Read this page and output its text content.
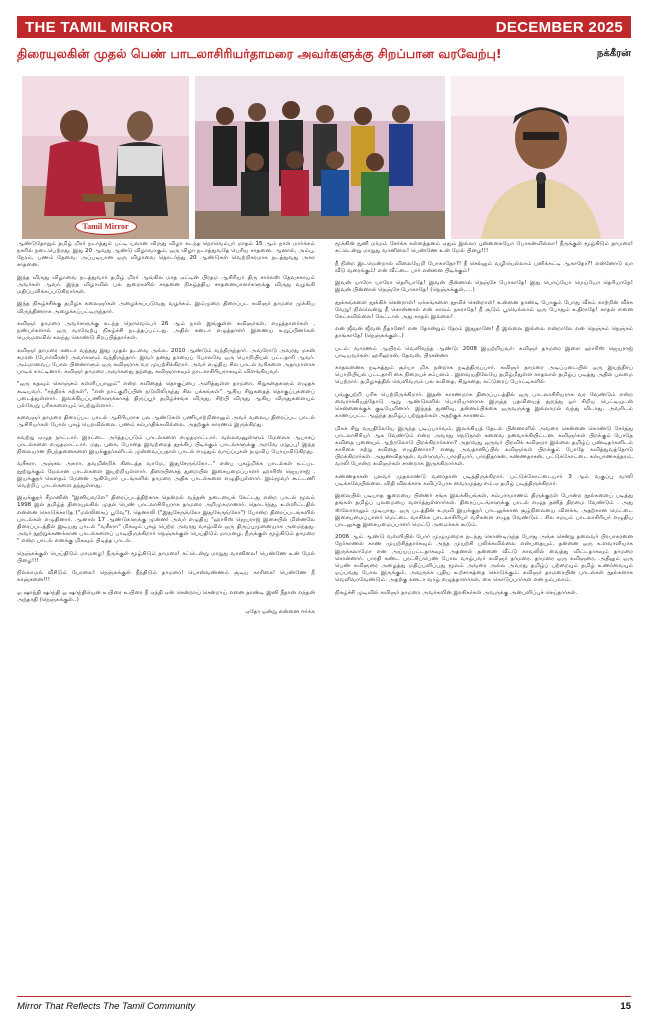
THE TAMIL MIRROR	DECEMBER 2025
திரையுலகின் முதல் பெண் பாடலாசிரியர்தாமரை அவர்களுக்கு சிறப்பான வரவேற்பு!	நக்கீரன்
Tamil Mirror

ஆண்டுதோறும் தமிழ் மிரர் நடாத்தும் பட்டி யலான விருது விழா கடந்த நொவெம்பர் மாதம் 15 ஆம் நாள் மார்க்கம் நகரில் நடைபெற்றது. இது 20 ஆவது ஆண்டு விழாவாகும். ஒரு விழா நடாத்துவதே பெரிய சாதனை. ஆனால், அம்பு, நேரம், பணம் தேவை. அப்படியான ஒரு விழாவை தொடர்ந்து 20 ஆண்டுகள் வெற்றிகரமாக நடத்துவது அசுர சாதனை.

இந்த விருது விழாவை நடத்துவார் தமிழ் மிரர் ஆங்கில மாத ஏட்டின் பிரதம ஆசிரியர் திரு சார்லஸ் தேவசகாயம் அவர்கள் ஆவர். இந்த விழாவில் பல துறைகளில் சாதனை நிகழ்த்திய சாதனையாளர்களுக்கு விருது வழங்கி மதிப்பளிக்கப்படுகிறார்கள்.

இந்த நிகழ்ச்சிக்கு தமிழக கலைஞர்கள் அழைக்கப்படுவது வழக்கம். இம்முறை திரைப்பட கவிஞர் தாமரை முக்கிய விருந்தினராக அழைக்கப்பட்டிருந்தார்.

கவிஞர் தாமரை அவர்களுக்கு கடந்த நொவெம்பர் 26 ஆம் நாள் இங்குள்ள கவிஞர்கள், எழுத்தாளர்கள் , நண்பர்களால் ஒரு வரவேற்பு நிகழ்ச்சி நடத்தப்பட்டது. அதில் கனடா எழுத்தாளர் இணைய உறுப்பினர்கள் பெருமளவில் கலந்து கொண்டு சிறப்பித்தார்கள்.

கவிஞர் தாமரை கனடா வந்தது இது முதல் தடவை அல்ல. 2010 ஆண்டும் வந்திருந்தார். அவரோடு அவரது மகன் சமரன் (போர்வீரன்) அவர்களும் வந்திருந்தார். இவர் தனது தாயைப் போலவே ஒரு பொறியியல் பட்டதாரி ஆவர். அம்மாவைப் போல பின்னாளும் ஒரு கவிஞராக வர முயற்சிக்கிறார். அவர் எழுதிய சில பாடல் வரிகளை அதாமாளாக பாடிக் காட்டினார். கவிஞர் தாமரை அவர்களது தந்தை, கவிஞராகவும் நாடகாசிரியராகவும் விளங்கியவர்.

"ஒரு கதவும் கொஞ்சம் கள்ளிப்பாலும்" என்ற கவிதைத் தொகுப்பை அளித்துள்ள தாமரை, சிறுகதைகளும் எழுதக் கூடியவர். "சந்திரக் கற்கள்", "என் நாட்குறிப்பின் நடுவிலிருந்து சில பக்கங்கள்" ஆகிய சிறுகதைத் தொகுப்புகளைப் படைத்துள்ளார். இலக்கியப்பணிகளுக்காகத் திருப்பூர் தமிழ்ச்சங்க விருது, சிற்பி விருது ஆகிய விருதுகளையும் பல்வேறு பரிசுகளையும் பெற்றுள்ளார்.

கவைஞர் தாமரை திரைப்பட பாடல் ஆசிரியராக பல ஆண்டுகள் பணியாற்றினாலும் அவர் வலைய திரைப்பட பாடல் ஆசிரியர்கள் போல் புகழ் பெறவில்லை. பணம் சம்பாதிக்கவில்லை. அதற்குக் காரணம் இருக்கிறது.

கவற்று ஏழுத நாட்டார். இரட்டை அர்த்தப்படும் பாடல்களை எழுதமாட்டார். வல்லவனுள்ளும் மேலைக ஆபாசப் பாடல்களை எழுதமாட்டார். மது, புகை, போதை இவற்றைத் தூக்கிப் பிடிக்கும் பாடல்களுக்கு அறவே மறுப்பு! இந்த நிலையான நிபந்தனைகளை இயக்குநர்களிடம் முன்வைப்பதால் பாடல் எழுதும் வாய்ப்புகள் நழுவிப் போய்விடுகிறது.

வசீகரா, அஞ்சல அசுரா, தவமின்றிக் கிடைத்த வரமே, இதுசேருங்கோ..." என்ப புகழ்மிக்க பாடல்கள் உட்பட நூற்றுக்கும் மேலான பாடல்களை இயற்றியுள்ளார். திரையிசைத் துறையில் இசையமைப்பாளர் ஹாரிஸ் ஜெயராஜ் , இயக்குநர் கௌதம் மேனன் ஆகியோர் படங்களில் தாமரை அதிக பாடல்களை எழுதியுள்ளார். இம்மூவர் கூட்டணி வெற்றிப் பாடல்களை தந்துள்ளது.

இயக்குநர் சீமானின் "இனியவளே" திரைப்படத்திற்காக தென்றல் வந்தன் நடையைக் கேட்டது என்ற பாடல் மூலம் 1998 இல் தமிழ்த் திரையுலகில் முதல் பெண் பாடலாசிரியராக தாமரை அறிமுகமானார். தொடர்ந்து, உள்ளிட்டதில் என்னை கொடுக்காதே ("மல்லிகைப் பூவே"), தெனாலி ("இதுசேருங்கோ இதுசேருங்கோ") போன்ற திரைப்படங்களில் பாடல்கள் எழுதினார். ஆனால் 17 ஆண்டுகளுக்கு முன்னர் அவர் எழுதிய "ஹாரிஸ் ஜெயராஜ் இசையில் மின்னலே திரைப்படத்தில் இடியது பாடல் "வசீகரா" மிகவும் புகழ் பெற்ற அவரது வாழ்வில் ஒரு திருப்புமுனையாக அமைந்தது. அவர் நூற்றுக்கணக்கான பாடல்களைப் பாடியிருக்கிறார் நெஞ்சுக்குள் பெய்திடும் மாமழை, நீருக்குள் மூழ்கிடும் தாமரை " என்ற பாடல் எனக்கு மிகவும் பிடித்த பாடல்.

நெஞ்சுக்குள் பெய்திடும் மாமழை! நீருக்குள் மூழ்கிடும் தாமரை! சட்டென்று மாறுது வானிலை! பெண்ணே உன் மேல் பிழை!!!

நில்லாமல் வீசிடும் பேரலை! நெஞ்சுக்குள் நீந்திடும் தாமரை! பொன்வண்ணம் சூடிய காரிகை! பெண்ணே நீ காஞ்சனை!!!

ஓ ஷாந்தி ஷாந்தி ஓ ஷாந்தியென் உயிரை உயிரை நீ ஏந்தி ஏன் சென்றாய் சென்றாய் எனை தாண்டி இனி நீதான் எந்தன் அந்தாதி (நெஞ்சுக்குள்..)

ஏதோ ஒன்று என்னை ஈர்க்க

மூக்கின் நுனி மர்மம் சேர்க்க கள்ளத்தனம் ஏதும் இல்லா புன்னகையோ போகன்வில்லா! நீருக்குள் மூழ்கிடும் தாமரை! சட்டென்று மாறுது வானிலை! பெண்ணே உன் மேல் பிழை!!!

நீ நின்ற இடமென்றால் விலையேறி போகாதோ?! நீ செல்லும் வழியெல்லாம் பனிக்கட்டி ஆகாதோ?! என்னோடு வா வீடு வரைக்கும்! என் வீட்டை பார் என்னை பிடிக்கும்!

இவன் யாரோ யாரோ தெரியாதே! இவன் பின்னால் நெஞ்சே போகாதே! இது பொய்யோ மெய்யோ தெரியாதே! இவன் பின்னால் நெஞ்சே போகாதே! (நெஞ்சுக்குள்,....)

தூக்கங்களை தூக்கிச் சென்றாள்! ஏக்கங்களை தூவிச் சென்றாள்! உன்னை தாண்டி போகும் போது வீசும் காற்றின் வீச்சு வேறு! நில்லென்று நீ சொன்னால் என் காலம் நகராதே! நீ சூடும் பூவெல்லாம் ஒரு போதும் உதிராதே! காதல் எனை கேட்கவில்லை! கேட்டால் அது காதல் இல்லை!

என் ஜீவன் ஜீவன் நீதானே! என தோன்றும் நேரம் இதுதானே! நீ இல்லை இல்லை என்றாலே என் நெஞ்சம் நெஞ்சம் தாங்காதே! (நெஞ்சுக்குள்..)

படம்: வாரணம் ஆயிரம் வெளிவந்த ஆண்டு: 2008 இயற்றியவர்: கவிஞர் தாமரை இசை: ஹாரிஸ் ஜெயராஜ் பாடியவர்கள்: ஹரிஹரன், தேவன், பிரசன்னா

காதலனைக நடிகத்தும் சூர்யா மிக நன்றாக நடித்திருப்பார். கவிஞர் தாமரை அடிப்படையில் ஒரு இயந்திரப் பொறியியல் பட்டதாரி கை நிறையச் சம்பளம் . இளவயதிலேயே தமிழ்மீதுள்ள காதலால் தமிழ்ப் படித்து அதில் புலமை பெற்றார். தமிழகத்தில் வெளிவரும் பல கவிதை, சிறுகதை, கட்டுரைப் போட்டிகளில்

பங்குபற்றி பரிசு பெற்றிருக்கிறார். இதன் காரணமாக திரைப்படத்தில் ஒரு பாடலாசிரியராக வர வேண்டும் என்ற வைராக்கியத்தோடு ஆறு ஆண்டுகளில் பொறியாளராக இருந்த பதவியைத் துறந்து ஓர் சிறிய பெட்டியுடன் சென்னைக்குக் குடியேறினார். இந்தத் துணிவு, தன்னம்பிக்கை ஒருவருக்கு இல்லாமல் வந்து விடாது. அவரிடம் காணப்பட்ட ஆழ்ந்த தமிழ்ப் பற்றுதல்கள் அதற்குக் காரணம்.

மிகச் சிறு வயதிலேயே இருந்த படிப்பார்வம், இலக்கியத் தேடல் பின்னாளில் அவரை சென்னை கொண்டு சேர்த்து பாடலாசிரியர் ஆக வேண்டும் என்ற அவரது நெடுநாள் கனவை நனவாக்கியிட்டன. கவிஞர்கள் பிறக்கும் போதே கவிதை புனையும் ஆற்றலோடு பிறக்கிறார்களா? அதாவது ஒருவர் பிறவிக் கவிஞரா இல்லை தமிழ்ப் பண்டிதர்களிடம் காரிகை கற்று கவிதை எழுதினாரா? எனது அவதானிப்பில் கவிஞர்கள் பிறக்கும் போதே கவித்துவத்தோடு பிறக்கிறார்கள். அதுணவிதாதல், வள்ளுவர், பாரதியார், பாரதிதாசன், கண்ணதாசன், பட்டுக்கோட்டை கல்யாணசுந்தரம், வாலி போன்ற கவிஞர்கள் சான்றாக இருக்கிறார்கள்.

கண்ணதாசன் புலவர் முதலாண்டு வரைதான் படித்திருக்கிறார். பட்டுக்கோட்டையார் 3 ஆம் வகுப்பு வாலி படிக்கவேயில்லை. விதி விலக்காக கவிப்பேரசு வைரமுத்து எம்.ஏ தமிழ் படித்திருக்கிறார்.

இலையில் படியாத குறையை பின்னர் சங்க இலக்கியங்கள், கம்பராமாணம் திருக்குறள் போன்ற நூல்களைப் படித்து தங்கள் தமிழ்ப் புலமையை வளர்த்துள்ளார்கள். திரைப்படங்களுக்கு பாடல் எழுத தனித் திறமை வேண்டும் . அது ஸ்லோராலும் முடியாது. ஒரு படத்தின் உருவி இயக்குநர் பாடலுக்கான சூழ்நிலையை விளக்க, அதற்கான மெட்டை இசையமைப்பாளர் மெட்டை வாசிக்க பாடலாசிரியர் வரிகளை எழுத வேண்டும் . சில சமயம் பாடலாசிரியர் எழுதிய பாடலுக்கு இசையமைப்பாளர் மெட்டு அமைக்கக் கூடும்.

2006 ஆம் ஆண்டு வள்ளியில் போர் முழுமுறைக நடந்து கொண்டிருந்த போது அங்க சென்று தலைவர் பிரபாகரனை நேர்காணல் காண முயற்சித்தார்கவும் அந்த முயற்சி பலிக்கவில்லை என்பதையும், தன்னை ஒரு உளவாளியாக இருக்கலாமோ என அய்யப்பட்டதாகவும் அதனால் தன்னை வீட்டு காவலில் வைத்து விட்டதாகவும் தாமரை சொன்னார். பாரதி கண்ட புரட்சிப்பெண் போல வாழ்பவர் கவிஞர் தாமரை. தாமரை ஒரு கவிஞரை, அதிலும் ஒரு பெண் கவிஞரை அழைத்து மதிப்பளிப்பது மூலம் அவரை அல்ல அவரது தமிழ்ப் பற்றையும் தமிழ் உணர்வையும் ஒப்பவது போல இருக்கும். அவருக்க புதிய உற்சாகத்தை கொடுக்கும். கவிஞர் தாமரையின் பாடல்கள் நூல்களாக வெளிவரவேண்டும். அதற்கு கனடா வாழ் எழுத்தாளர்கள், கை கொடுப்பார்கள் என நம்பலாம்.

நிகழ்ச்சி முடிவில் கவிஞர் தாமரை அவர்களின் இரசிகர்கள் அவருக்கு அன்பளிப்புச் செய்தார்கள்.

Mirror That Reflects The Tamil Community	15
